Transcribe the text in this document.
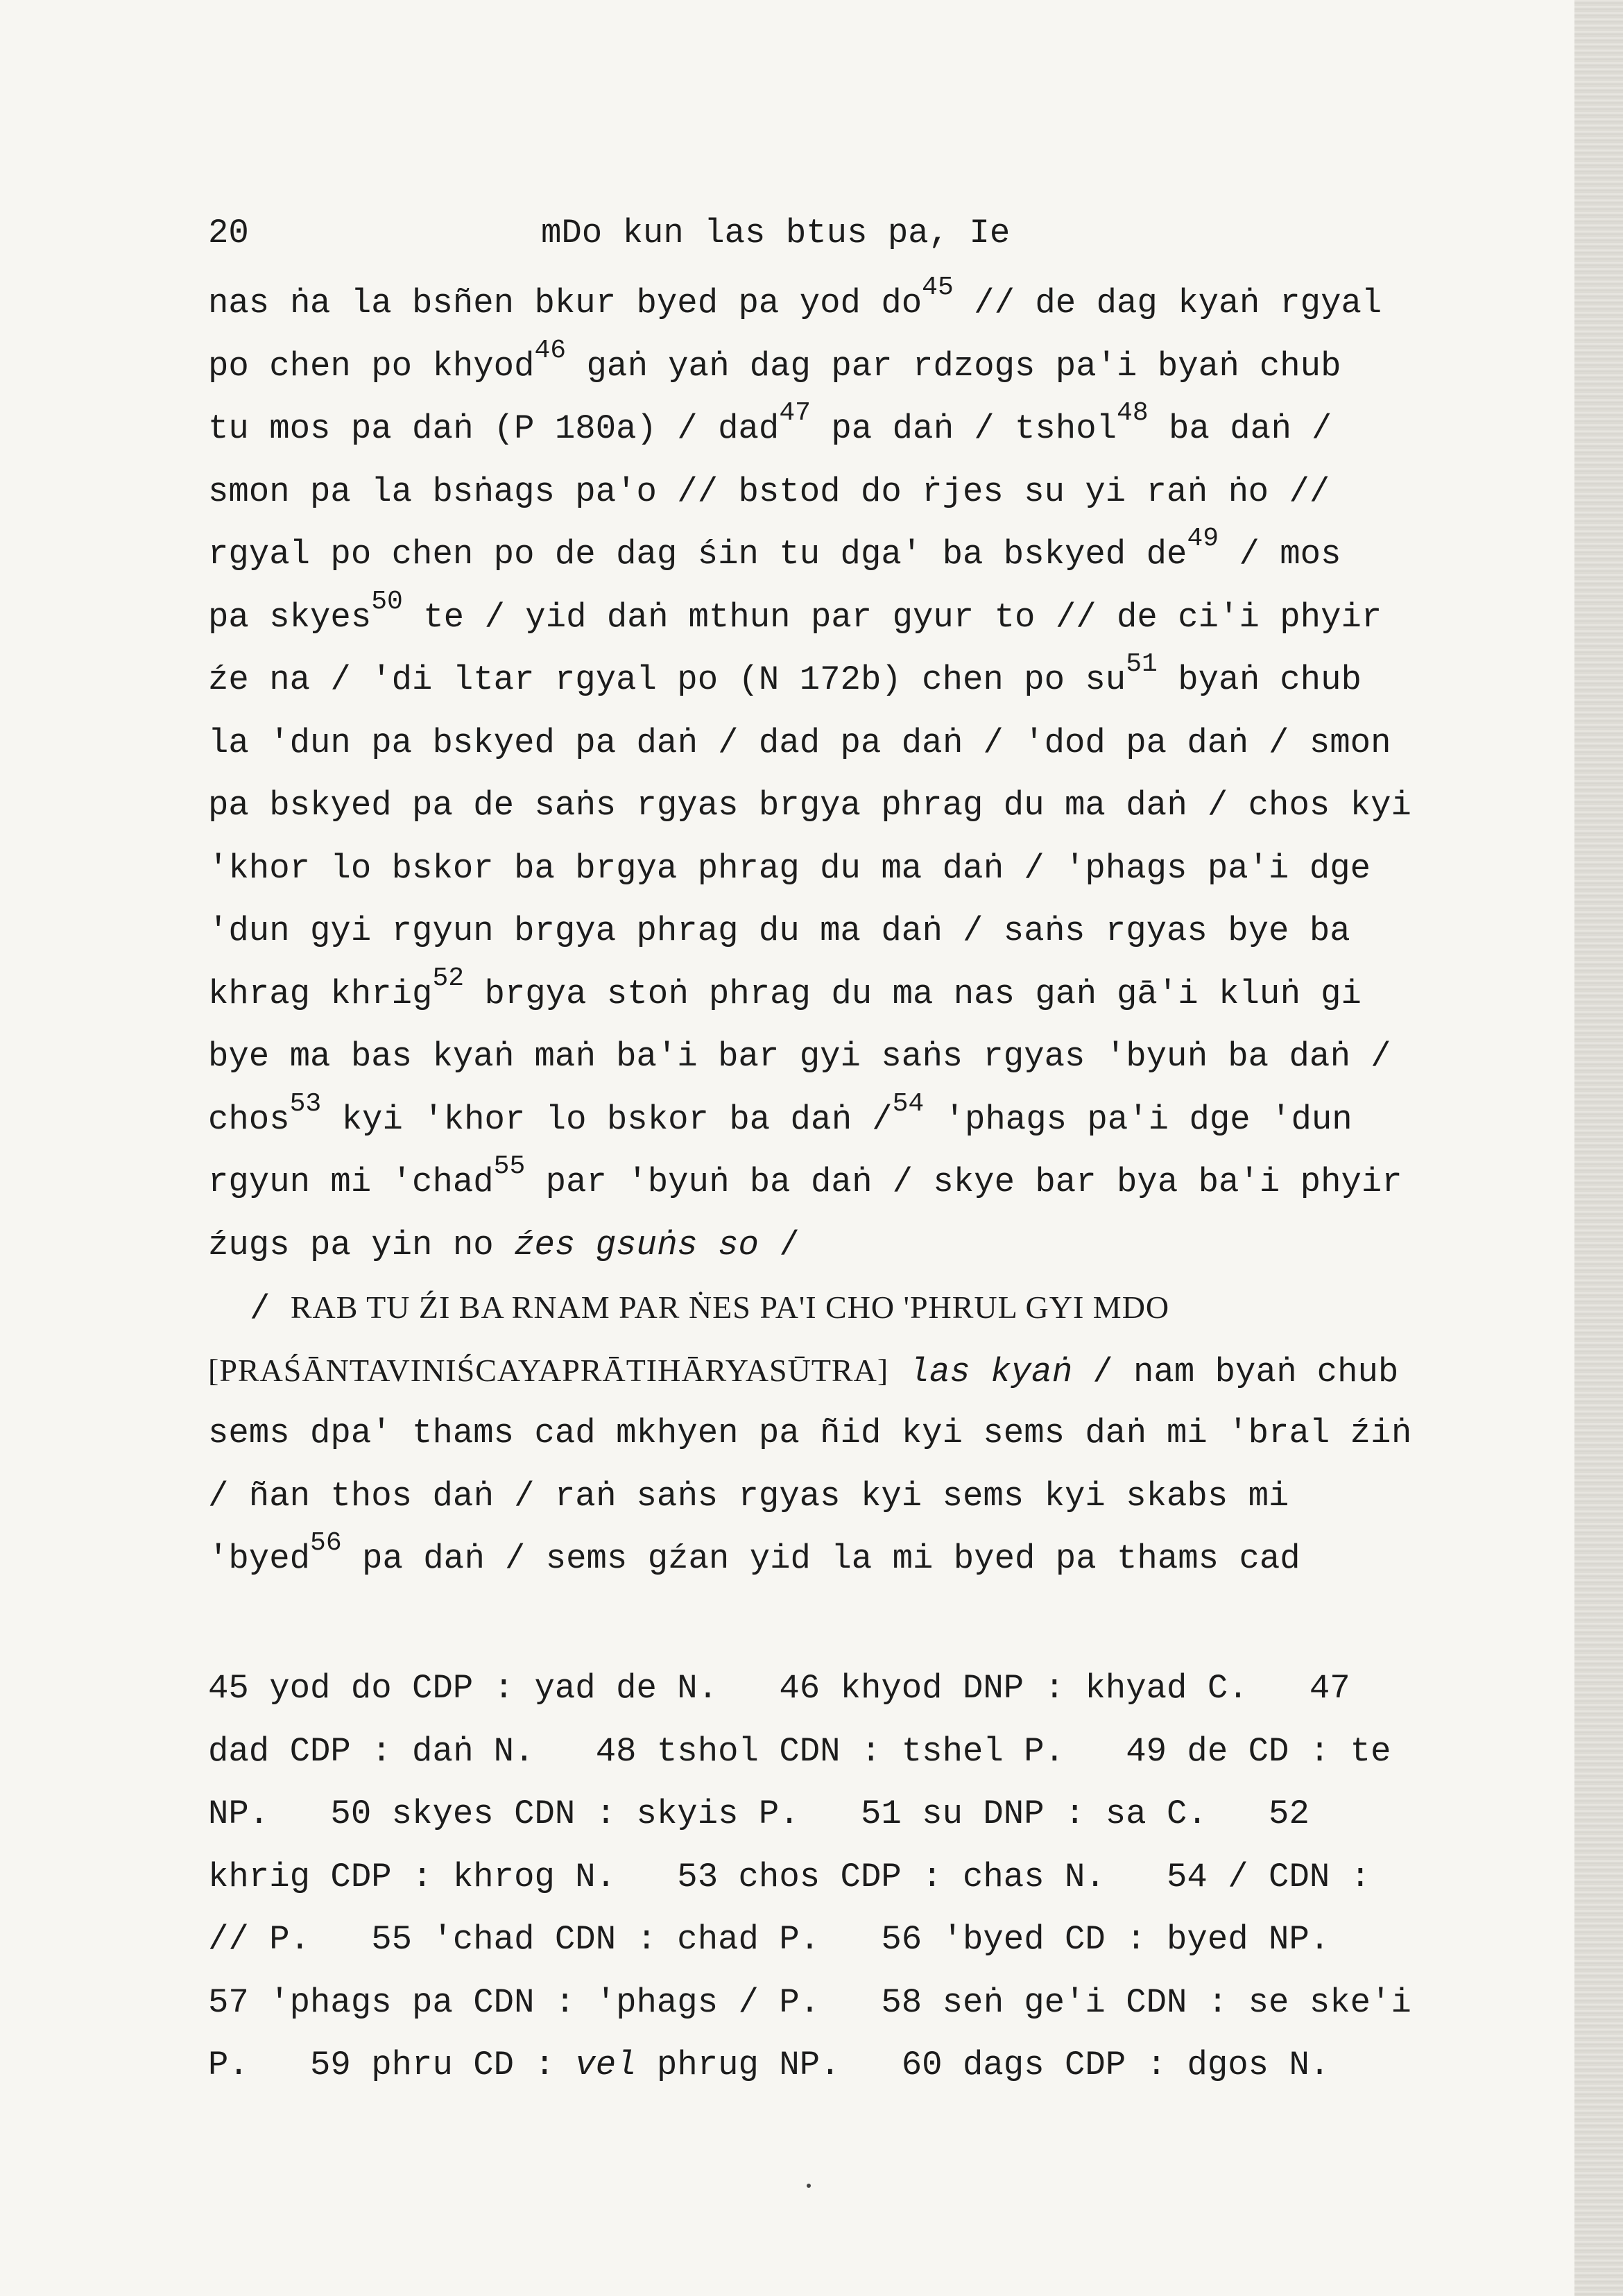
20	mDo kun las btus pa, Ie
nas ṅa la bsñen bkur byed pa yod $do^{45}$ // de dag kyaṅ rgyal
po chen po khyod$^{46}$ gaṅ yaṅ dag par rdzogs pa'i byaṅ chub
tu mos pa daṅ (P 180a) / dad$^{47}$ pa daṅ / tshol$^{48}$ ba daṅ /
smon pa la bsṅags pa'o // bstod do ṙjes su yi raṅ ṅo //
rgyal po chen po de dag śin tu dga' ba bskyed $de^{49}$ / mos
pa skyes$^{50}$ te / yid daṅ mthun par gyur to // de ci'i phyir
źe na / 'di ltar rgyal po (N 172b) chen po $su^{51}$ byaṅ chub
la 'dun pa bskyed pa daṅ / dad pa daṅ / 'dod pa daṅ / smon
pa bskyed pa de saṅs rgyas brgya phrag du ma daṅ / chos kyi
'khor lo bskor ba brgya phrag du ma daṅ / 'phags pa'i dge
'dun gyi rgyun brgya phrag du ma daṅ / saṅs rgyas bye ba
khrag khrig$^{52}$ brgya stoṅ phrag du ma nas gaṅ gā'i kluṅ gi
bye ma bas kyaṅ maṅ ba'i bar gyi saṅs rgyas 'byuṅ ba daṅ /
chos$^{53}$ kyi 'khor lo bskor ba daṅ /$^{54}$ 'phags pa'i dge 'dun
rgyun mi 'chad$^{55}$ par 'byuṅ ba daṅ / skye bar bya ba'i phyir
źugs pa yin no źes gsuṅs so /
/ RAB TU ŹI BA RNAM PAR ṄES PA'I CHO 'PHRUL GYI MDO
[PRAŚĀNTAVINIŚCAYAPRĀTIHĀRYASŪTRA] las kyaṅ / nam byaṅ chub
sems dpa' thams cad mkhyen pa ñid kyi sems daṅ mi 'bral źiṅ
/ ñan thos daṅ / raṅ saṅs rgyas kyi sems kyi skabs mi
'byed$^{56}$ pa daṅ / sems gźan yid la mi byed pa thams cad
45 yod do CDP : yad de N.   46 khyod DNP : khyad C.   47
dad CDP : daṅ N.   48 tshol CDN : tshel P.   49 de CD : te
NP.   50 skyes CDN : skyis P.   51 su DNP : sa C.   52
khrig CDP : khrog N.   53 chos CDP : chas N.   54 / CDN :
// P.   55 'chad CDN : chad P.   56 'byed CD : byed NP.
57 'phags pa CDN : 'phags / P.   58 seṅ ge'i CDN : se ske'i
P.   59 phru CD : vel phrug NP.   60 dags CDP : dgos N.
